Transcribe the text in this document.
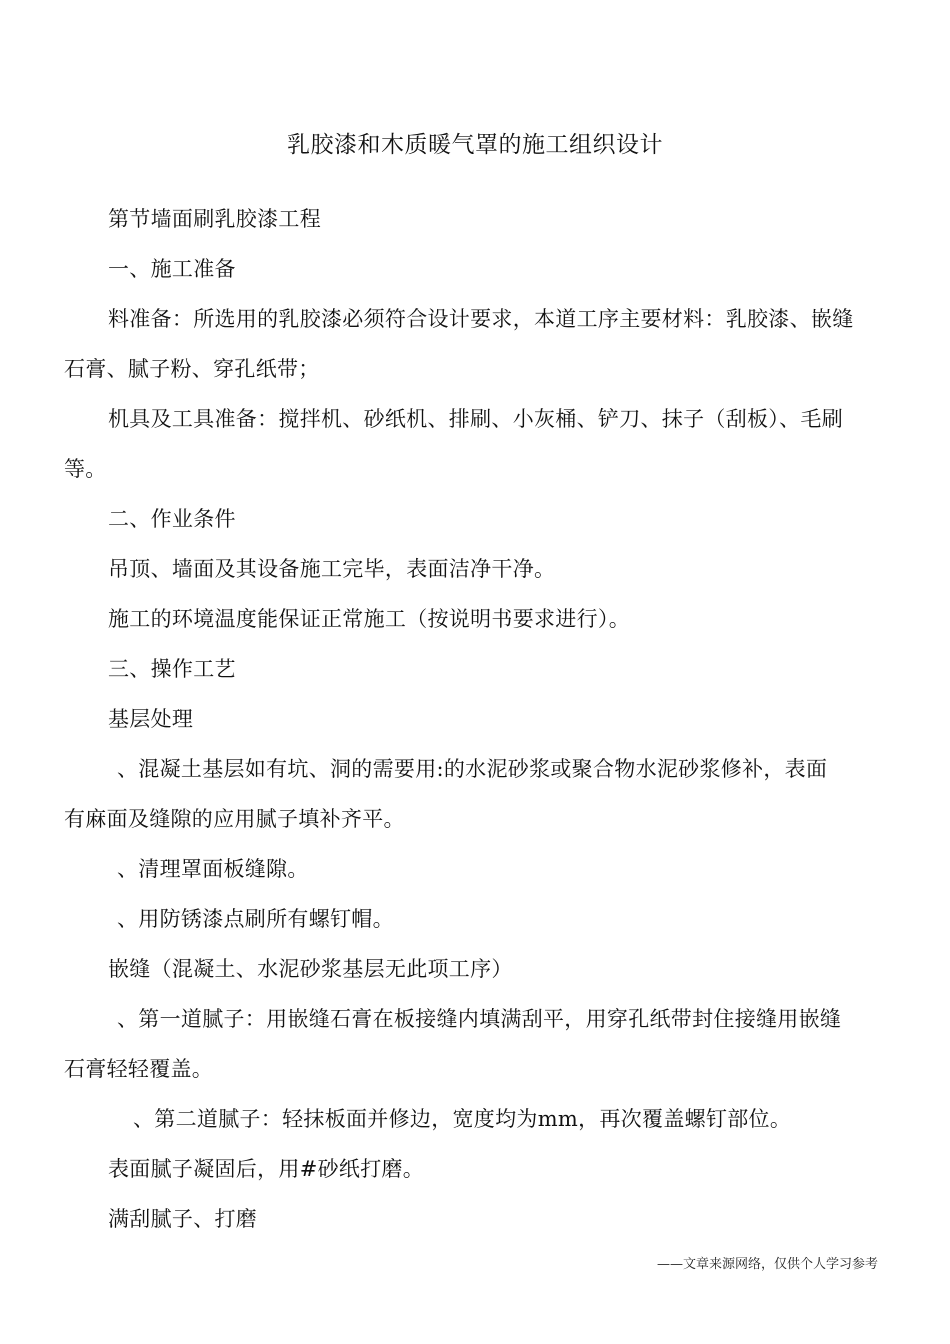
乳胶漆和木质暖气罩的施工组织设计
第节墙面刷乳胶漆工程
一、施工准备
料准备：所选用的乳胶漆必须符合设计要求，本道工序主要材料：乳胶漆、嵌缝
石膏、腻子粉、穿孔纸带；
机具及工具准备：搅拌机、砂纸机、排刷、小灰桶、铲刀、抹子（刮板）、毛刷
等。
二、作业条件
吊顶、墙面及其设备施工完毕，表面洁净干净。
施工的环境温度能保证正常施工（按说明书要求进行）。
三、操作工艺
基层处理
、混凝土基层如有坑、洞的需要用:的水泥砂浆或聚合物水泥砂浆修补，表面
有麻面及缝隙的应用腻子填补齐平。
、清理罩面板缝隙。
、用防锈漆点刷所有螺钉帽。
嵌缝（混凝土、水泥砂浆基层无此项工序）
、第一道腻子：用嵌缝石膏在板接缝内填满刮平，用穿孔纸带封住接缝用嵌缝
石膏轻轻覆盖。
、第二道腻子：轻抹板面并修边，宽度均为mm，再次覆盖螺钉部位。
表面腻子凝固后，用#砂纸打磨。
满刮腻子、打磨
——文章来源网络，仅供个人学习参考
